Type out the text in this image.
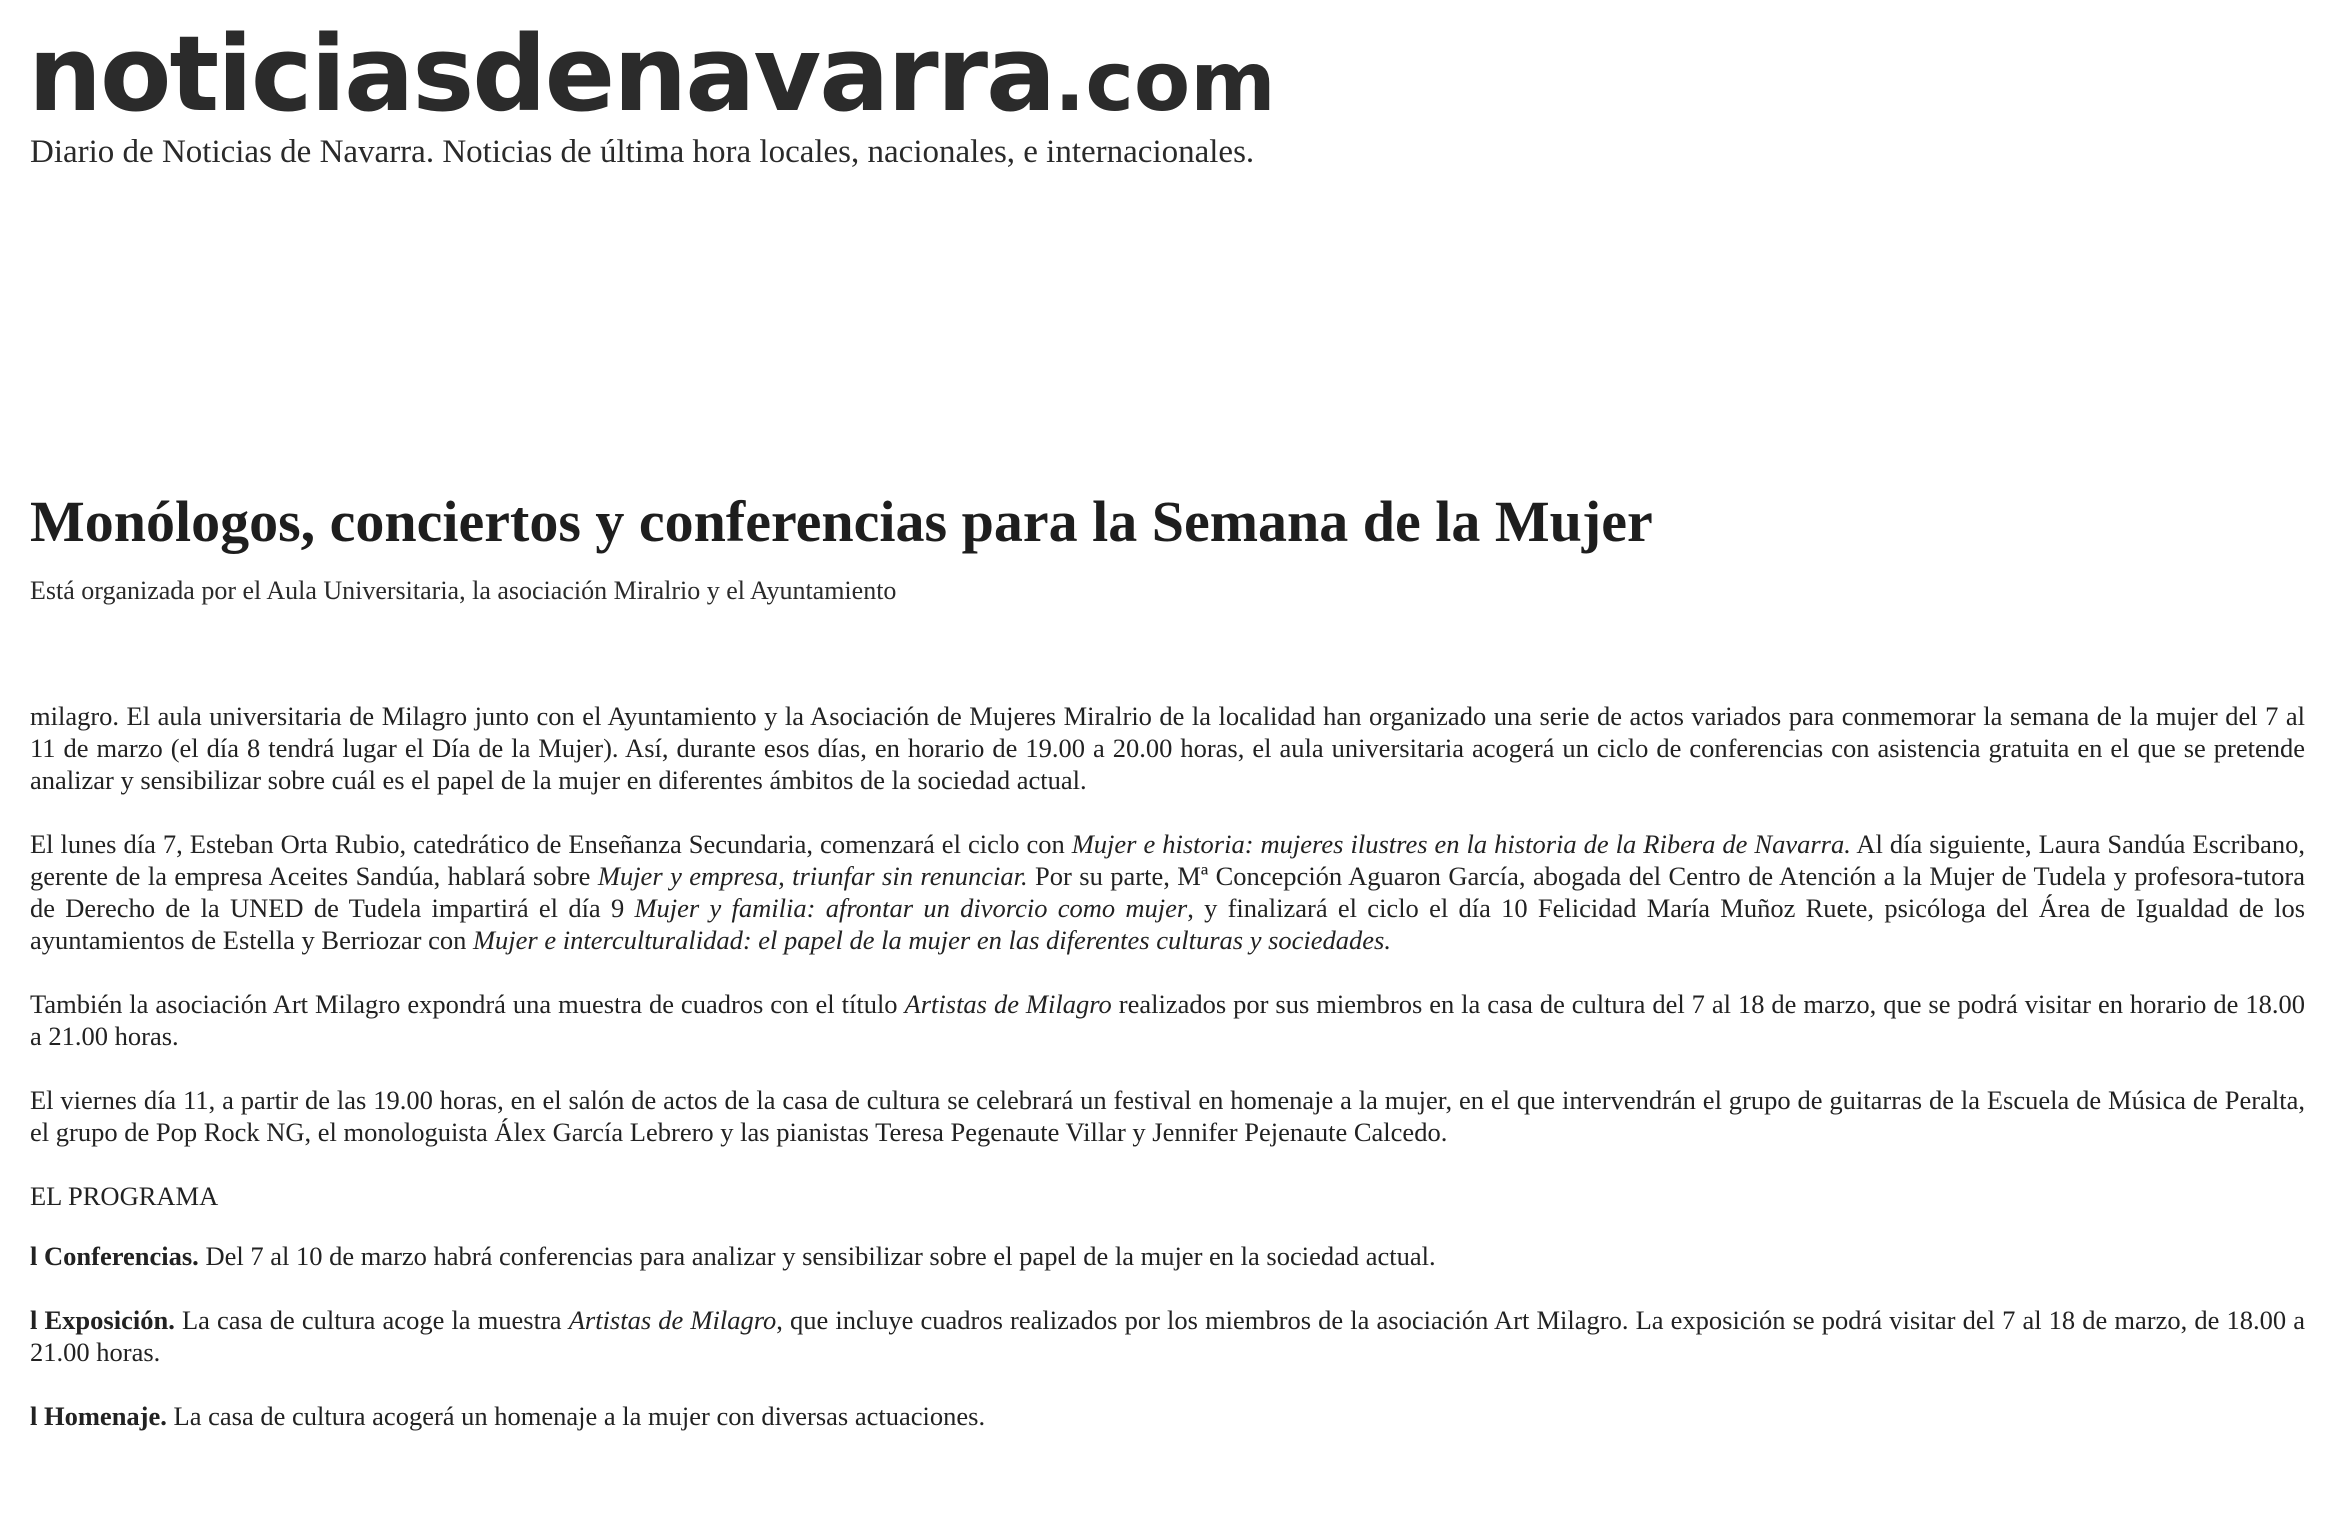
noticiasdenavarra.com
Diario de Noticias de Navarra. Noticias de última hora locales, nacionales, e internacionales.
Monólogos, conciertos y conferencias para la Semana de la Mujer

Está organizada por el Aula Universitaria, la asociación Miralrio y el Ayuntamiento

milagro. El aula universitaria de Milagro junto con el Ayuntamiento y la Asociación de Mujeres Miralrio de la localidad han organizado una serie de actos variados para conmemorar la semana de la mujer del 7 al 11 de marzo (el día 8 tendrá lugar el Día de la Mujer). Así, durante esos días, en horario de 19.00 a 20.00 horas, el aula universitaria acogerá un ciclo de conferencias con asistencia gratuita en el que se pretende analizar y sensibilizar sobre cuál es el papel de la mujer en diferentes ámbitos de la sociedad actual.

El lunes día 7, Esteban Orta Rubio, catedrático de Enseñanza Secundaria, comenzará el ciclo con Mujer e historia: mujeres ilustres en la historia de la Ribera de Navarra. Al día siguiente, Laura Sandúa Escribano, gerente de la empresa Aceites Sandúa, hablará sobre Mujer y empresa, triunfar sin renunciar. Por su parte, Mª Concepción Aguaron García, abogada del Centro de Atención a la Mujer de Tudela y profesora-tutora de Derecho de la UNED de Tudela impartirá el día 9 Mujer y familia: afrontar un divorcio como mujer, y finalizará el ciclo el día 10 Felicidad María Muñoz Ruete, psicóloga del Área de Igualdad de los ayuntamientos de Estella y Berriozar con Mujer e interculturalidad: el papel de la mujer en las diferentes culturas y sociedades.

También la asociación Art Milagro expondrá una muestra de cuadros con el título Artistas de Milagro realizados por sus miembros en la casa de cultura del 7 al 18 de marzo, que se podrá visitar en horario de 18.00 a 21.00 horas.

El viernes día 11, a partir de las 19.00 horas, en el salón de actos de la casa de cultura se celebrará un festival en homenaje a la mujer, en el que intervendrán el grupo de guitarras de la Escuela de Música de Peralta, el grupo de Pop Rock NG, el monologuista Álex García Lebrero y las pianistas Teresa Pegenaute Villar y Jennifer Pejenaute Calcedo.

EL PROGRAMA

l Conferencias. Del 7 al 10 de marzo habrá conferencias para analizar y sensibilizar sobre el papel de la mujer en la sociedad actual.

l Exposición. La casa de cultura acoge la muestra Artistas de Milagro, que incluye cuadros realizados por los miembros de la asociación Art Milagro. La exposición se podrá visitar del 7 al 18 de marzo, de 18.00 a 21.00 horas.

l Homenaje. La casa de cultura acogerá un homenaje a la mujer con diversas actuaciones.
